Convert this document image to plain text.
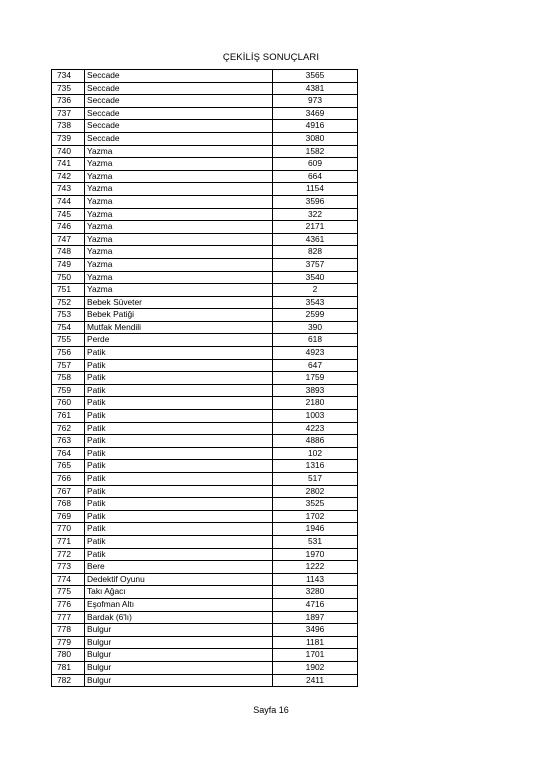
ÇEKİLİŞ SONUÇLARI
734	Seccade	3565
735	Seccade	4381
736	Seccade	973
737	Seccade	3469
738	Seccade	4916
739	Seccade	3080
740	Yazma	1582
741	Yazma	609
742	Yazma	664
743	Yazma	1154
744	Yazma	3596
745	Yazma	322
746	Yazma	2171
747	Yazma	4361
748	Yazma	828
749	Yazma	3757
750	Yazma	3540
751	Yazma	2
752	Bebek Süveter	3543
753	Bebek Patiği	2599
754	Mutfak Mendili	390
755	Perde	618
756	Patik	4923
757	Patik	647
758	Patik	1759
759	Patik	3893
760	Patik	2180
761	Patik	1003
762	Patik	4223
763	Patik	4886
764	Patik	102
765	Patik	1316
766	Patik	517
767	Patik	2802
768	Patik	3525
769	Patik	1702
770	Patik	1946
771	Patik	531
772	Patik	1970
773	Bere	1222
774	Dedektif Oyunu	1143
775	Takı Ağacı	3280
776	Eşofman Altı	4716
777	Bardak (6'lı)	1897
778	Bulgur	3496
779	Bulgur	1181
780	Bulgur	1701
781	Bulgur	1902
782	Bulgur	2411
Sayfa 16
